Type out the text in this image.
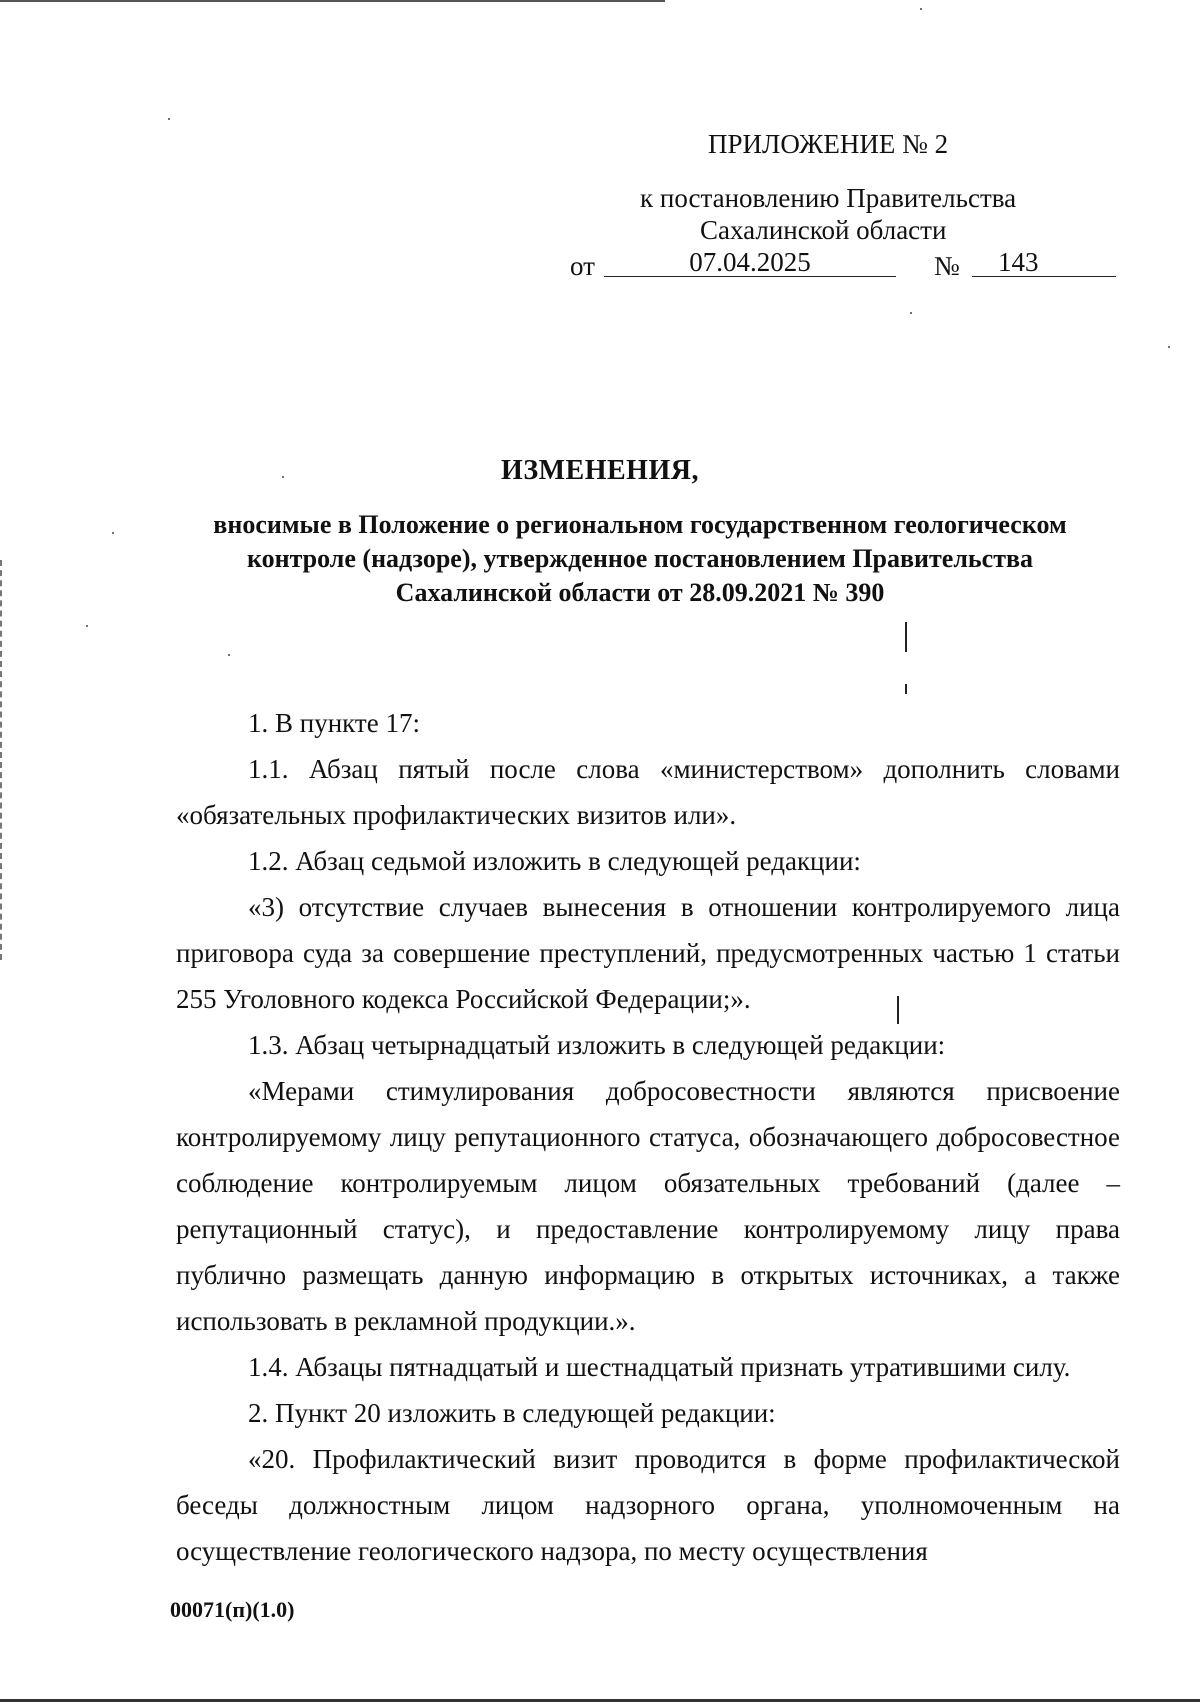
ПРИЛОЖЕНИЕ № 2
к постановлению Правительства
Сахалинской области
от	07.04.2025	№ 143
ИЗМЕНЕНИЯ,
вносимые в Положение о региональном государственном геологическом контроле (надзоре), утвержденное постановлением Правительства Сахалинской области от 28.09.2021 № 390

1. В пункте 17:

1.1. Абзац пятый после слова «министерством» дополнить словами «обязательных профилактических визитов или».

1.2. Абзац седьмой изложить в следующей редакции:

«3) отсутствие случаев вынесения в отношении контролируемого лица приговора суда за совершение преступлений, предусмотренных частью 1 статьи 255 Уголовного кодекса Российской Федерации;».

1.3. Абзац четырнадцатый изложить в следующей редакции:

«Мерами стимулирования добросовестности являются присвоение контролируемому лицу репутационного статуса, обозначающего добросовестное соблюдение контролируемым лицом обязательных требований (далее – репутационный статус), и предоставление контролируемому лицу права публично размещать данную информацию в открытых источниках, а также использовать в рекламной продукции.».

1.4. Абзацы пятнадцатый и шестнадцатый признать утратившими силу.

2. Пункт 20 изложить в следующей редакции:

«20. Профилактический визит проводится в форме профилактической беседы должностным лицом надзорного органа, уполномоченным на осуществление геологического надзора, по месту осуществления

00071(п)(1.0)
